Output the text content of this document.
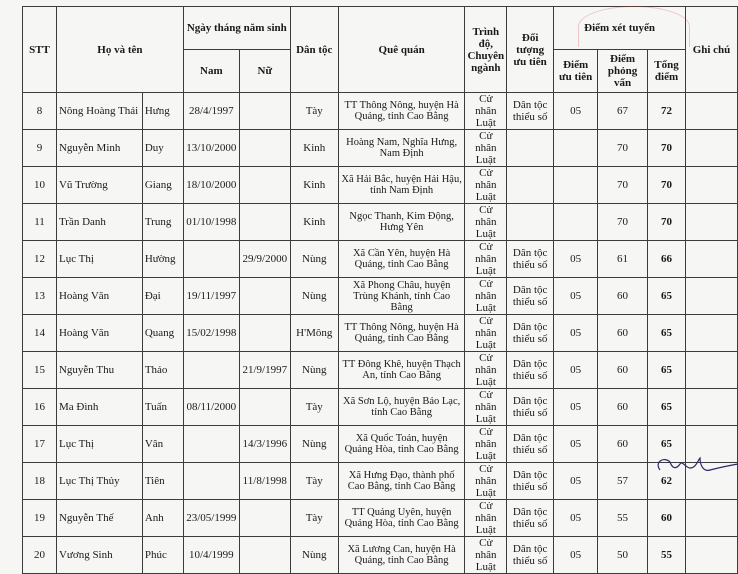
STT	Họ và tên		Ngày tháng năm sinh		Dân tộc	Quê quán	Trình độ, Chuyên ngành	Đối tượng ưu tiên	Điểm xét tuyển			Ghi chú
			Nam	Nữ					Điểm ưu tiên	Điểm phỏng vấn	Tổng điểm	
8	Nông Hoàng Thái	Hưng	28/4/1997		Tày	TT Thông Nông, huyện Hà Quảng, tỉnh Cao Bằng	Cử nhân Luật	Dân tộc thiểu số	05	67	72	
9	Nguyễn Minh	Duy	13/10/2000		Kinh	Hoàng Nam, Nghĩa Hưng, Nam Định	Cử nhân Luật			70	70	
10	Vũ Trường	Giang	18/10/2000		Kinh	Xã Hải Bắc, huyện Hải Hậu, tỉnh Nam Định	Cử nhân Luật			70	70	
11	Trần Danh	Trung	01/10/1998		Kinh	Ngọc Thanh, Kim Động, Hưng Yên	Cử nhân Luật			70	70	
12	Lục Thị	Hường		29/9/2000	Nùng	Xã Cần Yên, huyện Hà Quảng, tỉnh Cao Bằng	Cử nhân Luật	Dân tộc thiểu số	05	61	66	
13	Hoàng Văn	Đại	19/11/1997		Nùng	Xã Phong Châu, huyện Trùng Khánh, tỉnh Cao Bằng	Cử nhân Luật	Dân tộc thiểu số	05	60	65	
14	Hoàng Văn	Quang	15/02/1998		H'Mông	TT Thông Nông, huyện Hà Quảng, tỉnh Cao Bằng	Cử nhân Luật	Dân tộc thiểu số	05	60	65	
15	Nguyễn Thu	Thảo		21/9/1997	Nùng	TT Đông Khê, huyện Thạch An, tỉnh Cao Bằng	Cử nhân Luật	Dân tộc thiểu số	05	60	65	
16	Ma Đình	Tuấn	08/11/2000		Tày	Xã Sơn Lộ, huyện Bảo Lạc, tỉnh Cao Bằng	Cử nhân Luật	Dân tộc thiểu số	05	60	65	
17	Lục Thị	Vân		14/3/1996	Nùng	Xã Quốc Toản, huyện Quảng Hòa, tỉnh Cao Bằng	Cử nhân Luật	Dân tộc thiểu số	05	60	65	
18	Lục Thị Thủy	Tiên		11/8/1998	Tày	Xã Hưng Đạo, thành phố Cao Bằng, tỉnh Cao Bằng	Cử nhân Luật	Dân tộc thiểu số	05	57	62	
19	Nguyễn Thế	Anh	23/05/1999		Tày	TT Quảng Uyên, huyện Quảng Hòa, tỉnh Cao Bằng	Cử nhân Luật	Dân tộc thiểu số	05	55	60	
20	Vương Sinh	Phúc	10/4/1999		Nùng	Xã Lương Can, huyện Hà Quảng, tỉnh Cao Bằng	Cử nhân Luật	Dân tộc thiểu số	05	50	55	
